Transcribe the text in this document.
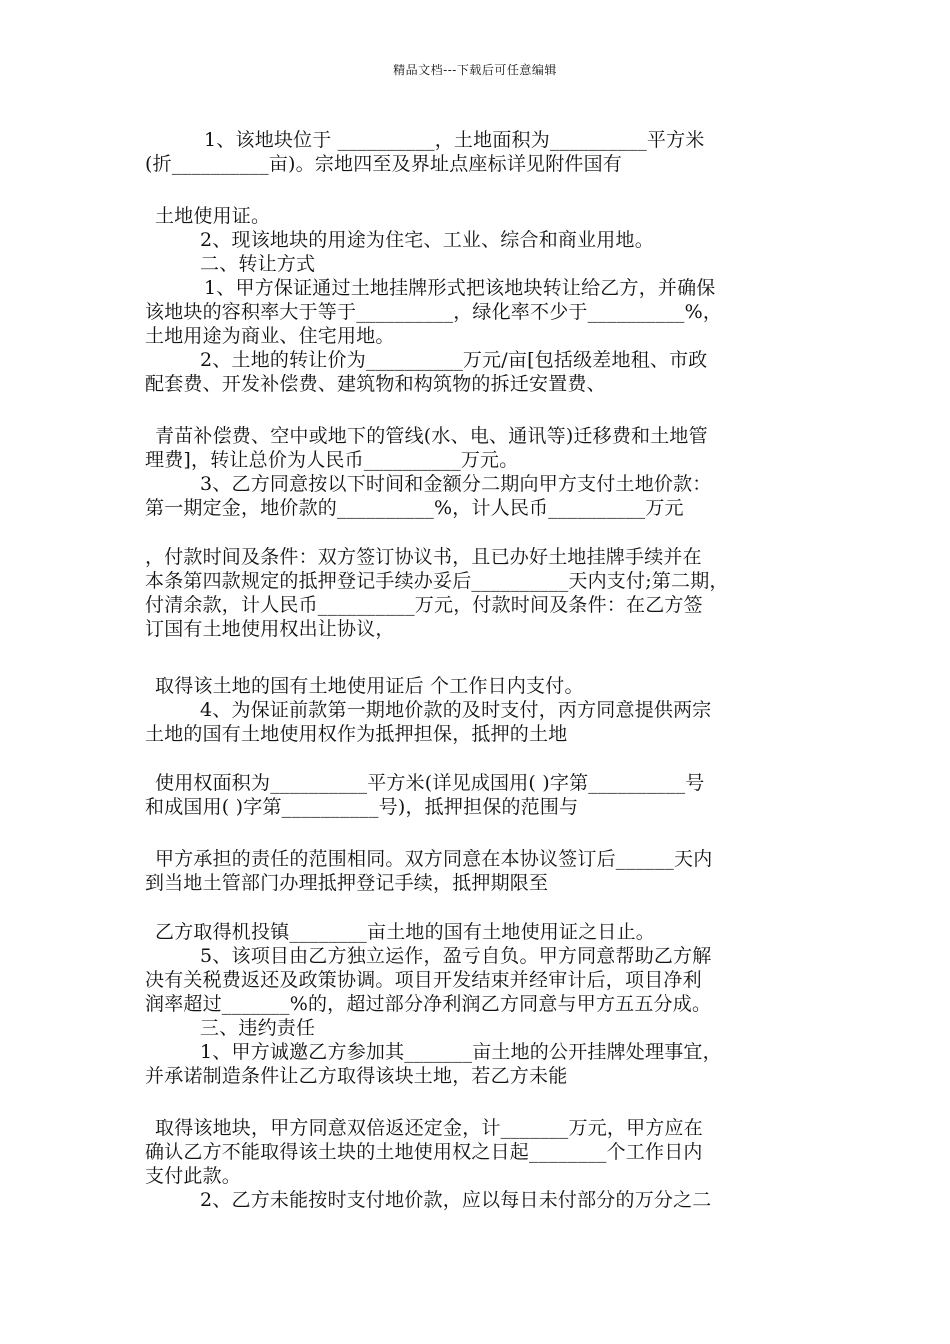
精品文档---下载后可任意编辑
1、该地块位于 __________，土地面积为__________平方米
(折__________亩)。宗地四至及界址点座标详见附件国有
土地使用证。
2、现该地块的用途为住宅、工业、综合和商业用地。
二、转让方式
1、甲方保证通过土地挂牌形式把该地块转让给乙方，并确保
该地块的容积率大于等于__________，绿化率不少于__________%，
土地用途为商业、住宅用地。
2、土地的转让价为__________万元/亩[包括级差地租、市政
配套费、开发补偿费、建筑物和构筑物的拆迁安置费、
青苗补偿费、空中或地下的管线(水、电、通讯等)迁移费和土地管
理费]，转让总价为人民币__________万元。
3、乙方同意按以下时间和金额分二期向甲方支付土地价款：
第一期定金，地价款的__________%，计人民币__________万元
，付款时间及条件：双方签订协议书，且已办好土地挂牌手续并在
本条第四款规定的抵押登记手续办妥后__________天内支付;第二期，
付清余款，计人民币__________万元，付款时间及条件：在乙方签
订国有土地使用权出让协议，
取得该土地的国有土地使用证后 个工作日内支付。
4、为保证前款第一期地价款的及时支付，丙方同意提供两宗
土地的国有土地使用权作为抵押担保，抵押的土地
使用权面积为__________平方米(详见成国用( )字第__________号
和成国用( )字第__________号)，抵押担保的范围与
甲方承担的责任的范围相同。双方同意在本协议签订后______天内
到当地土管部门办理抵押登记手续，抵押期限至
乙方取得机投镇________亩土地的国有土地使用证之日止。
5、该项目由乙方独立运作，盈亏自负。甲方同意帮助乙方解
决有关税费返还及政策协调。项目开发结束并经审计后，项目净利
润率超过_______%的，超过部分净利润乙方同意与甲方五五分成。
三、违约责任
1、甲方诚邀乙方参加其_______亩土地的公开挂牌处理事宜，
并承诺制造条件让乙方取得该块土地，若乙方未能
取得该地块，甲方同意双倍返还定金，计_______万元，甲方应在
确认乙方不能取得该土块的土地使用权之日起________个工作日内
支付此款。
2、乙方未能按时支付地价款，应以每日未付部分的万分之二
